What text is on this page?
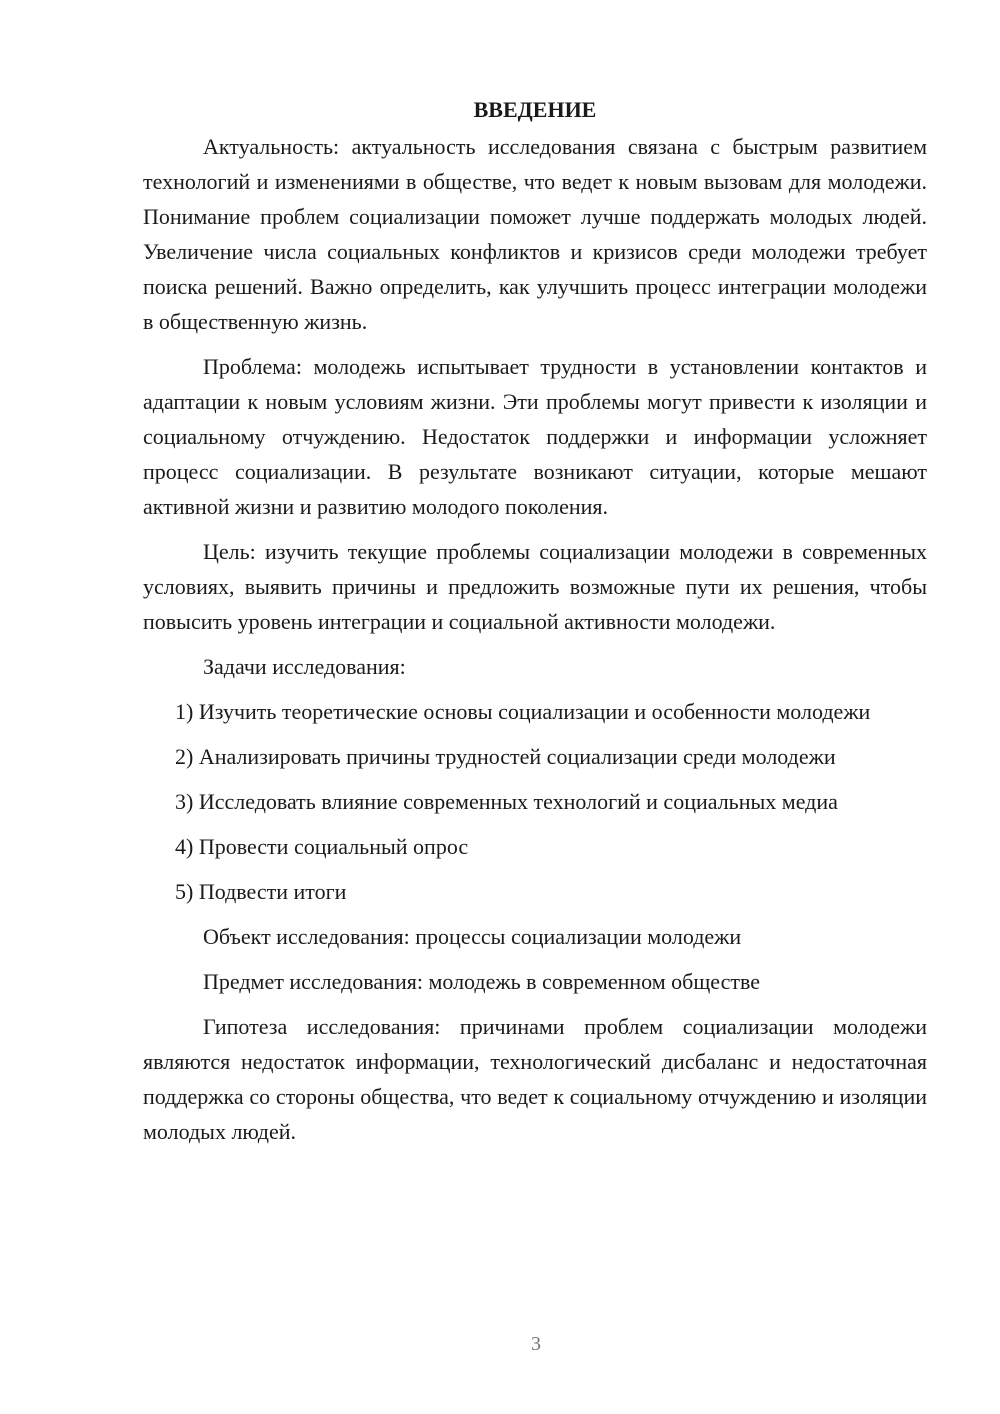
ВВЕДЕНИЕ

Актуальность: актуальность исследования связана с быстрым развитием технологий и изменениями в обществе, что ведет к новым вызовам для молодежи. Понимание проблем социализации поможет лучше поддержать молодых людей. Увеличение числа социальных конфликтов и кризисов среди молодежи требует поиска решений. Важно определить, как улучшить процесс интеграции молодежи в общественную жизнь.

Проблема: молодежь испытывает трудности в установлении контактов и адаптации к новым условиям жизни. Эти проблемы могут привести к изоляции и социальному отчуждению. Недостаток поддержки и информации усложняет процесс социализации. В результате возникают ситуации, которые мешают активной жизни и развитию молодого поколения.

Цель: изучить текущие проблемы социализации молодежи в современных условиях, выявить причины и предложить возможные пути их решения, чтобы повысить уровень интеграции и социальной активности молодежи.

Задачи исследования:

1) Изучить теоретические основы социализации и особенности молодежи

2) Анализировать причины трудностей социализации среди молодежи

3) Исследовать влияние современных технологий и социальных медиа

4) Провести социальный опрос

5) Подвести итоги

Объект исследования: процессы социализации молодежи

Предмет исследования: молодежь в современном обществе

Гипотеза исследования: причинами проблем социализации молодежи являются недостаток информации, технологический дисбаланс и недостаточная поддержка со стороны общества, что ведет к социальному отчуждению и изоляции молодых людей.

3
